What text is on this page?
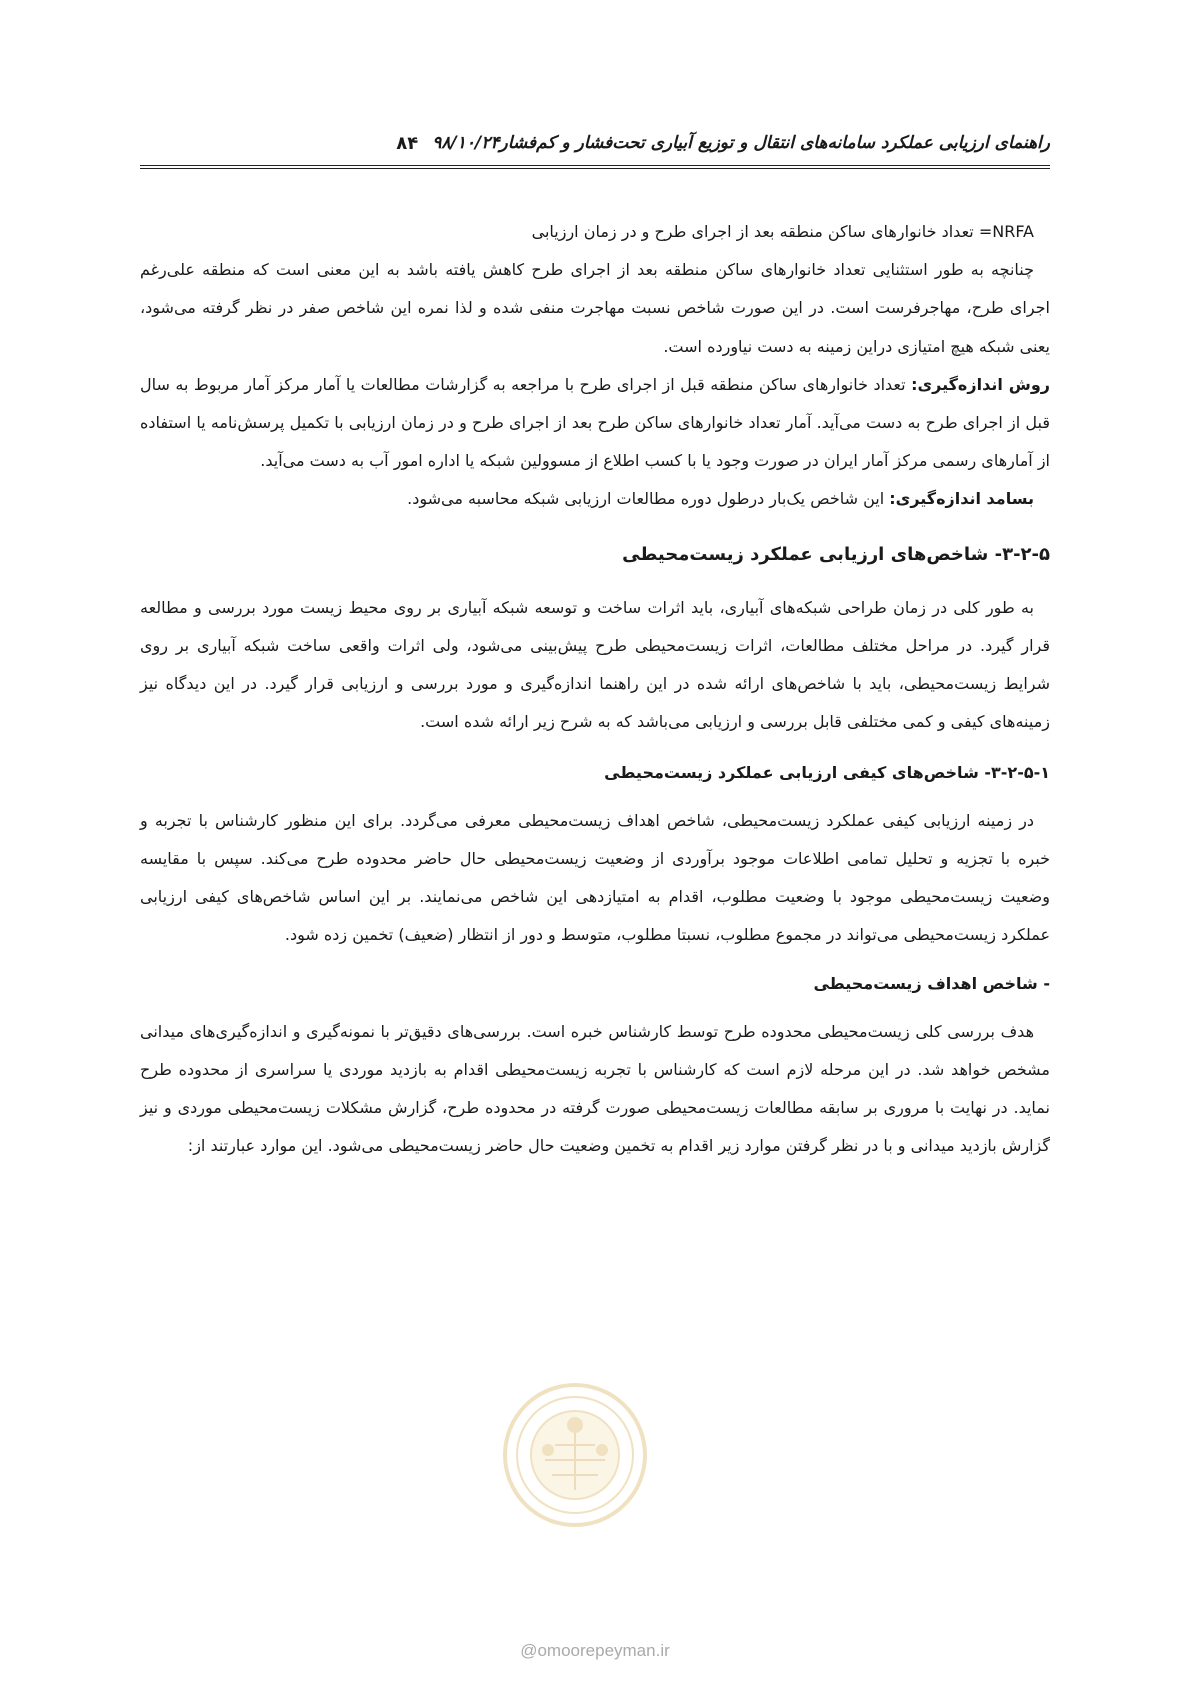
راهنمای ارزیابی عملکرد سامانه‌های انتقال و توزیع آبیاری تحت‌فشار و کم‌فشار
۹۸/۱۰/۲۴
۸۴

NRFA= تعداد خانوارهای ساکن منطقه بعد از اجرای طرح و در زمان ارزیابی

چنانچه به طور استثنایی تعداد خانوارهای ساکن منطقه بعد از اجرای طرح کاهش یافته باشد به این معنی است که منطقه علی‌رغم اجرای طرح، مهاجرفرست است. در این صورت شاخص نسبت مهاجرت منفی شده و لذا نمره این شاخص صفر در نظر گرفته می‌شود، یعنی شبکه هیچ امتیازی دراین زمینه به دست نیاورده است.

روش اندازه‌گیری: تعداد خانوارهای ساکن منطقه قبل از اجرای طرح با مراجعه به گزارشات مطالعات یا آمار مرکز آمار مربوط به سال قبل از اجرای طرح به دست می‌آید. آمار تعداد خانوارهای ساکن طرح بعد از اجرای طرح و در زمان ارزیابی با تکمیل پرسش‌نامه یا استفاده از آمارهای رسمی مرکز آمار ایران در صورت وجود یا با کسب اطلاع از مسوولین شبکه یا اداره امور آب به دست می‌آید.

بسامد اندازه‌گیری: این شاخص یک‌بار درطول دوره مطالعات ارزیابی شبکه محاسبه می‌شود.

۳-۲-۵- شاخص‌های ارزیابی عملکرد زیست‌محیطی

به طور کلی در زمان طراحی شبکه‌های آبیاری، باید اثرات ساخت و توسعه شبکه آبیاری بر روی محیط زیست مورد بررسی و مطالعه قرار گیرد. در مراحل مختلف مطالعات، اثرات زیست‌محیطی طرح پیش‌بینی می‌شود، ولی اثرات واقعی ساخت شبکه آبیاری بر روی شرایط زیست‌محیطی، باید با شاخص‌های ارائه شده در این راهنما اندازه‌گیری و مورد بررسی و ارزیابی قرار گیرد. در این دیدگاه نیز زمینه‌های کیفی و کمی مختلفی قابل بررسی و ارزیابی می‌باشد که به شرح زیر ارائه شده است.

۳-۲-۵-۱- شاخص‌های کیفی ارزیابی عملکرد زیست‌محیطی

در زمینه ارزیابی کیفی عملکرد زیست‌محیطی، شاخص اهداف زیست‌محیطی معرفی می‌گردد. برای این منظور کارشناس با تجربه و خبره با تجزیه و تحلیل تمامی اطلاعات موجود برآوردی از وضعیت زیست‌محیطی حال حاضر محدوده طرح می‌کند. سپس با مقایسه وضعیت زیست‌محیطی موجود با وضعیت مطلوب، اقدام به امتیازدهی این شاخص می‌نمایند. بر این اساس شاخص‌های کیفی ارزیابی عملکرد زیست‌محیطی می‌تواند در مجموع مطلوب، نسبتا مطلوب، متوسط و دور از انتظار (ضعیف) تخمین زده شود.

- شاخص اهداف زیست‌محیطی

هدف بررسی کلی زیست‌محیطی محدوده طرح توسط کارشناس خبره است. بررسی‌های دقیق‌تر با نمونه‌گیری و اندازه‌گیری‌های میدانی مشخص خواهد شد. در این مرحله لازم است که کارشناس با تجربه زیست‌محیطی اقدام به بازدید موردی یا سراسری از محدوده طرح نماید. در نهایت با مروری بر سابقه مطالعات زیست‌محیطی صورت گرفته در محدوده طرح، گزارش مشکلات زیست‌محیطی موردی و نیز گزارش بازدید میدانی و با در نظر گرفتن موارد زیر اقدام به تخمین وضعیت حال حاضر زیست‌محیطی می‌شود. این موارد عبارتند از:

@omoorepeyman.ir
